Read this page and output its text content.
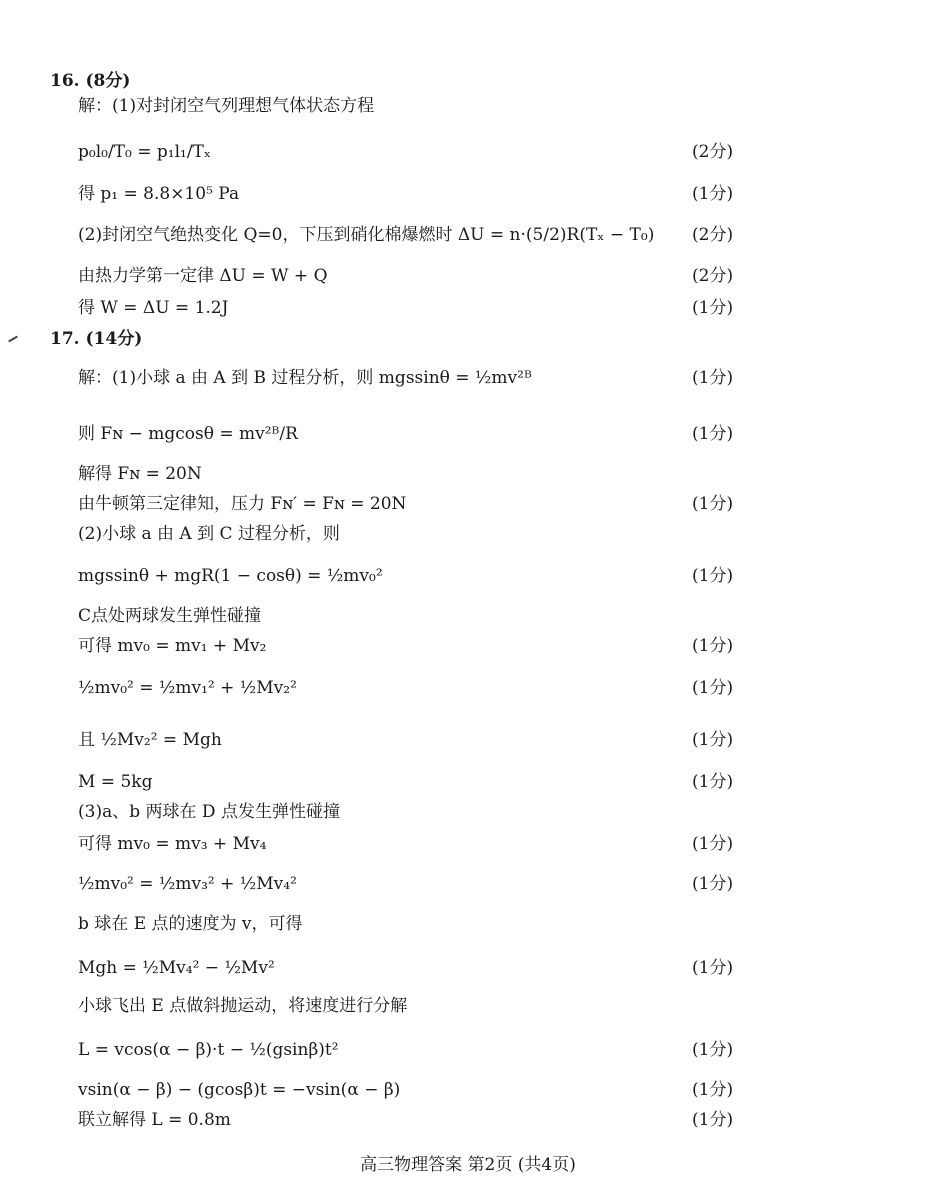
16. (8分)
解：(1)对封闭空气列理想气体状态方程
p₀l₀/T₀ = p₁l₁/Tₓ	(2分)
得 p₁ = 8.8×10⁵ Pa	(1分)
(2)封闭空气绝热变化 Q=0，下压到硝化棉爆燃时 ΔU = n·(5/2)R(Tₓ − T₀)	(2分)
由热力学第一定律 ΔU = W + Q	(2分)
得 W = ΔU = 1.2J	(1分)
17. (14分)
解：(1)小球 a 由 A 到 B 过程分析，则 mgssinθ = ½mv²ᴮ	(1分)
则 Fɴ − mgcosθ = mv²ᴮ/R	(1分)
解得 Fɴ = 20N
由牛顿第三定律知，压力 Fɴ′ = Fɴ = 20N	(1分)
(2)小球 a 由 A 到 C 过程分析，则
mgssinθ + mgR(1 − cosθ) = ½mv₀²	(1分)
C点处两球发生弹性碰撞
可得 mv₀ = mv₁ + Mv₂	(1分)
½mv₀² = ½mv₁² + ½Mv₂²	(1分)
且 ½Mv₂² = Mgh	(1分)
M = 5kg	(1分)
(3)a、b 两球在 D 点发生弹性碰撞
可得 mv₀ = mv₃ + Mv₄	(1分)
½mv₀² = ½mv₃² + ½Mv₄²	(1分)
b 球在 E 点的速度为 v，可得
Mgh = ½Mv₄² − ½Mv²	(1分)
小球飞出 E 点做斜抛运动，将速度进行分解
L = vcos(α − β)·t − ½(gsinβ)t²	(1分)
vsin(α − β) − (gcosβ)t = −vsin(α − β)	(1分)
联立解得 L = 0.8m	(1分)
高三物理答案 第2页 (共4页)
